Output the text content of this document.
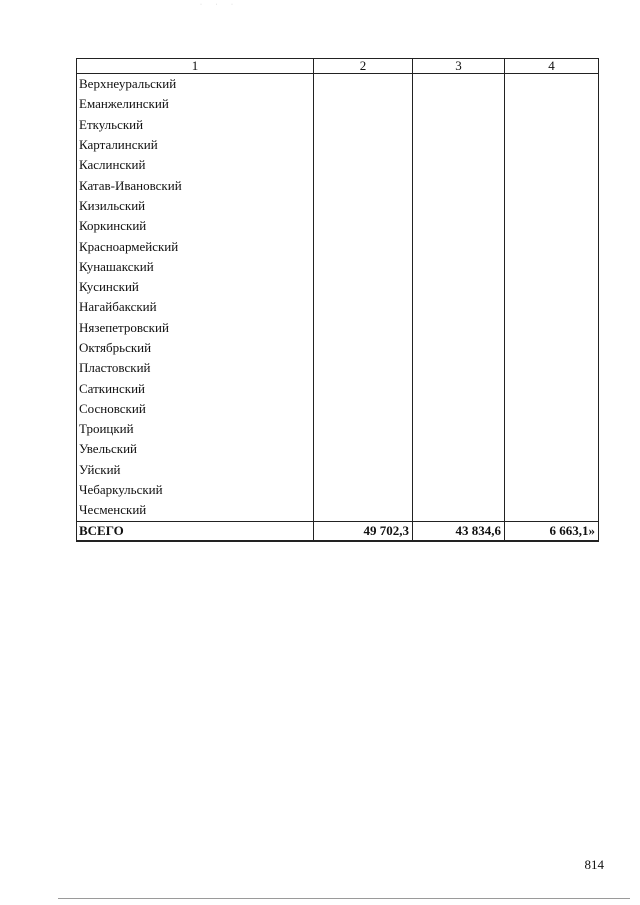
· · ·
1	2	3	4
Верхнеуральский			
Еманжелинский			
Еткульский			
Карталинский			
Каслинский			
Катав-Ивановский			
Кизильский			
Коркинский			
Красноармейский			
Кунашакский			
Кусинский			
Нагайбакский			
Нязепетровский			
Октябрьский			
Пластовский			
Саткинский			
Сосновский			
Троицкий			
Увельский			
Уйский			
Чебаркульский			
Чесменский			
ВСЕГО	49 702,3	43 834,6	6 663,1»
814
